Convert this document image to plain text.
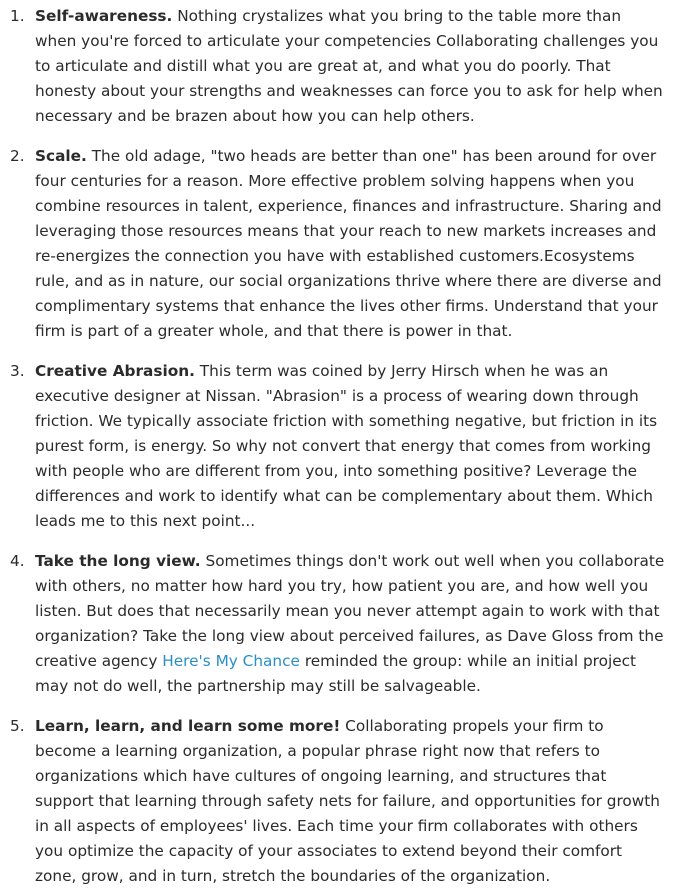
1. Self-awareness. Nothing crystalizes what you bring to the table more than when you're forced to articulate your competencies Collaborating challenges you to articulate and distill what you are great at, and what you do poorly. That honesty about your strengths and weaknesses can force you to ask for help when necessary and be brazen about how you can help others.
2. Scale. The old adage, "two heads are better than one" has been around for over four centuries for a reason. More effective problem solving happens when you combine resources in talent, experience, finances and infrastructure. Sharing and leveraging those resources means that your reach to new markets increases and re-energizes the connection you have with established customers.Ecosystems rule, and as in nature, our social organizations thrive where there are diverse and complimentary systems that enhance the lives other firms. Understand that your firm is part of a greater whole, and that there is power in that.
3. Creative Abrasion. This term was coined by Jerry Hirsch when he was an executive designer at Nissan. "Abrasion" is a process of wearing down through friction. We typically associate friction with something negative, but friction in its purest form, is energy. So why not convert that energy that comes from working with people who are different from you, into something positive? Leverage the differences and work to identify what can be complementary about them. Which leads me to this next point...
4. Take the long view. Sometimes things don't work out well when you collaborate with others, no matter how hard you try, how patient you are, and how well you listen. But does that necessarily mean you never attempt again to work with that organization? Take the long view about perceived failures, as Dave Gloss from the creative agency Here's My Chance reminded the group: while an initial project may not do well, the partnership may still be salvageable.
5. Learn, learn, and learn some more! Collaborating propels your firm to become a learning organization, a popular phrase right now that refers to organizations which have cultures of ongoing learning, and structures that support that learning through safety nets for failure, and opportunities for growth in all aspects of employees' lives. Each time your firm collaborates with others you optimize the capacity of your associates to extend beyond their comfort zone, grow, and in turn, stretch the boundaries of the organization.
